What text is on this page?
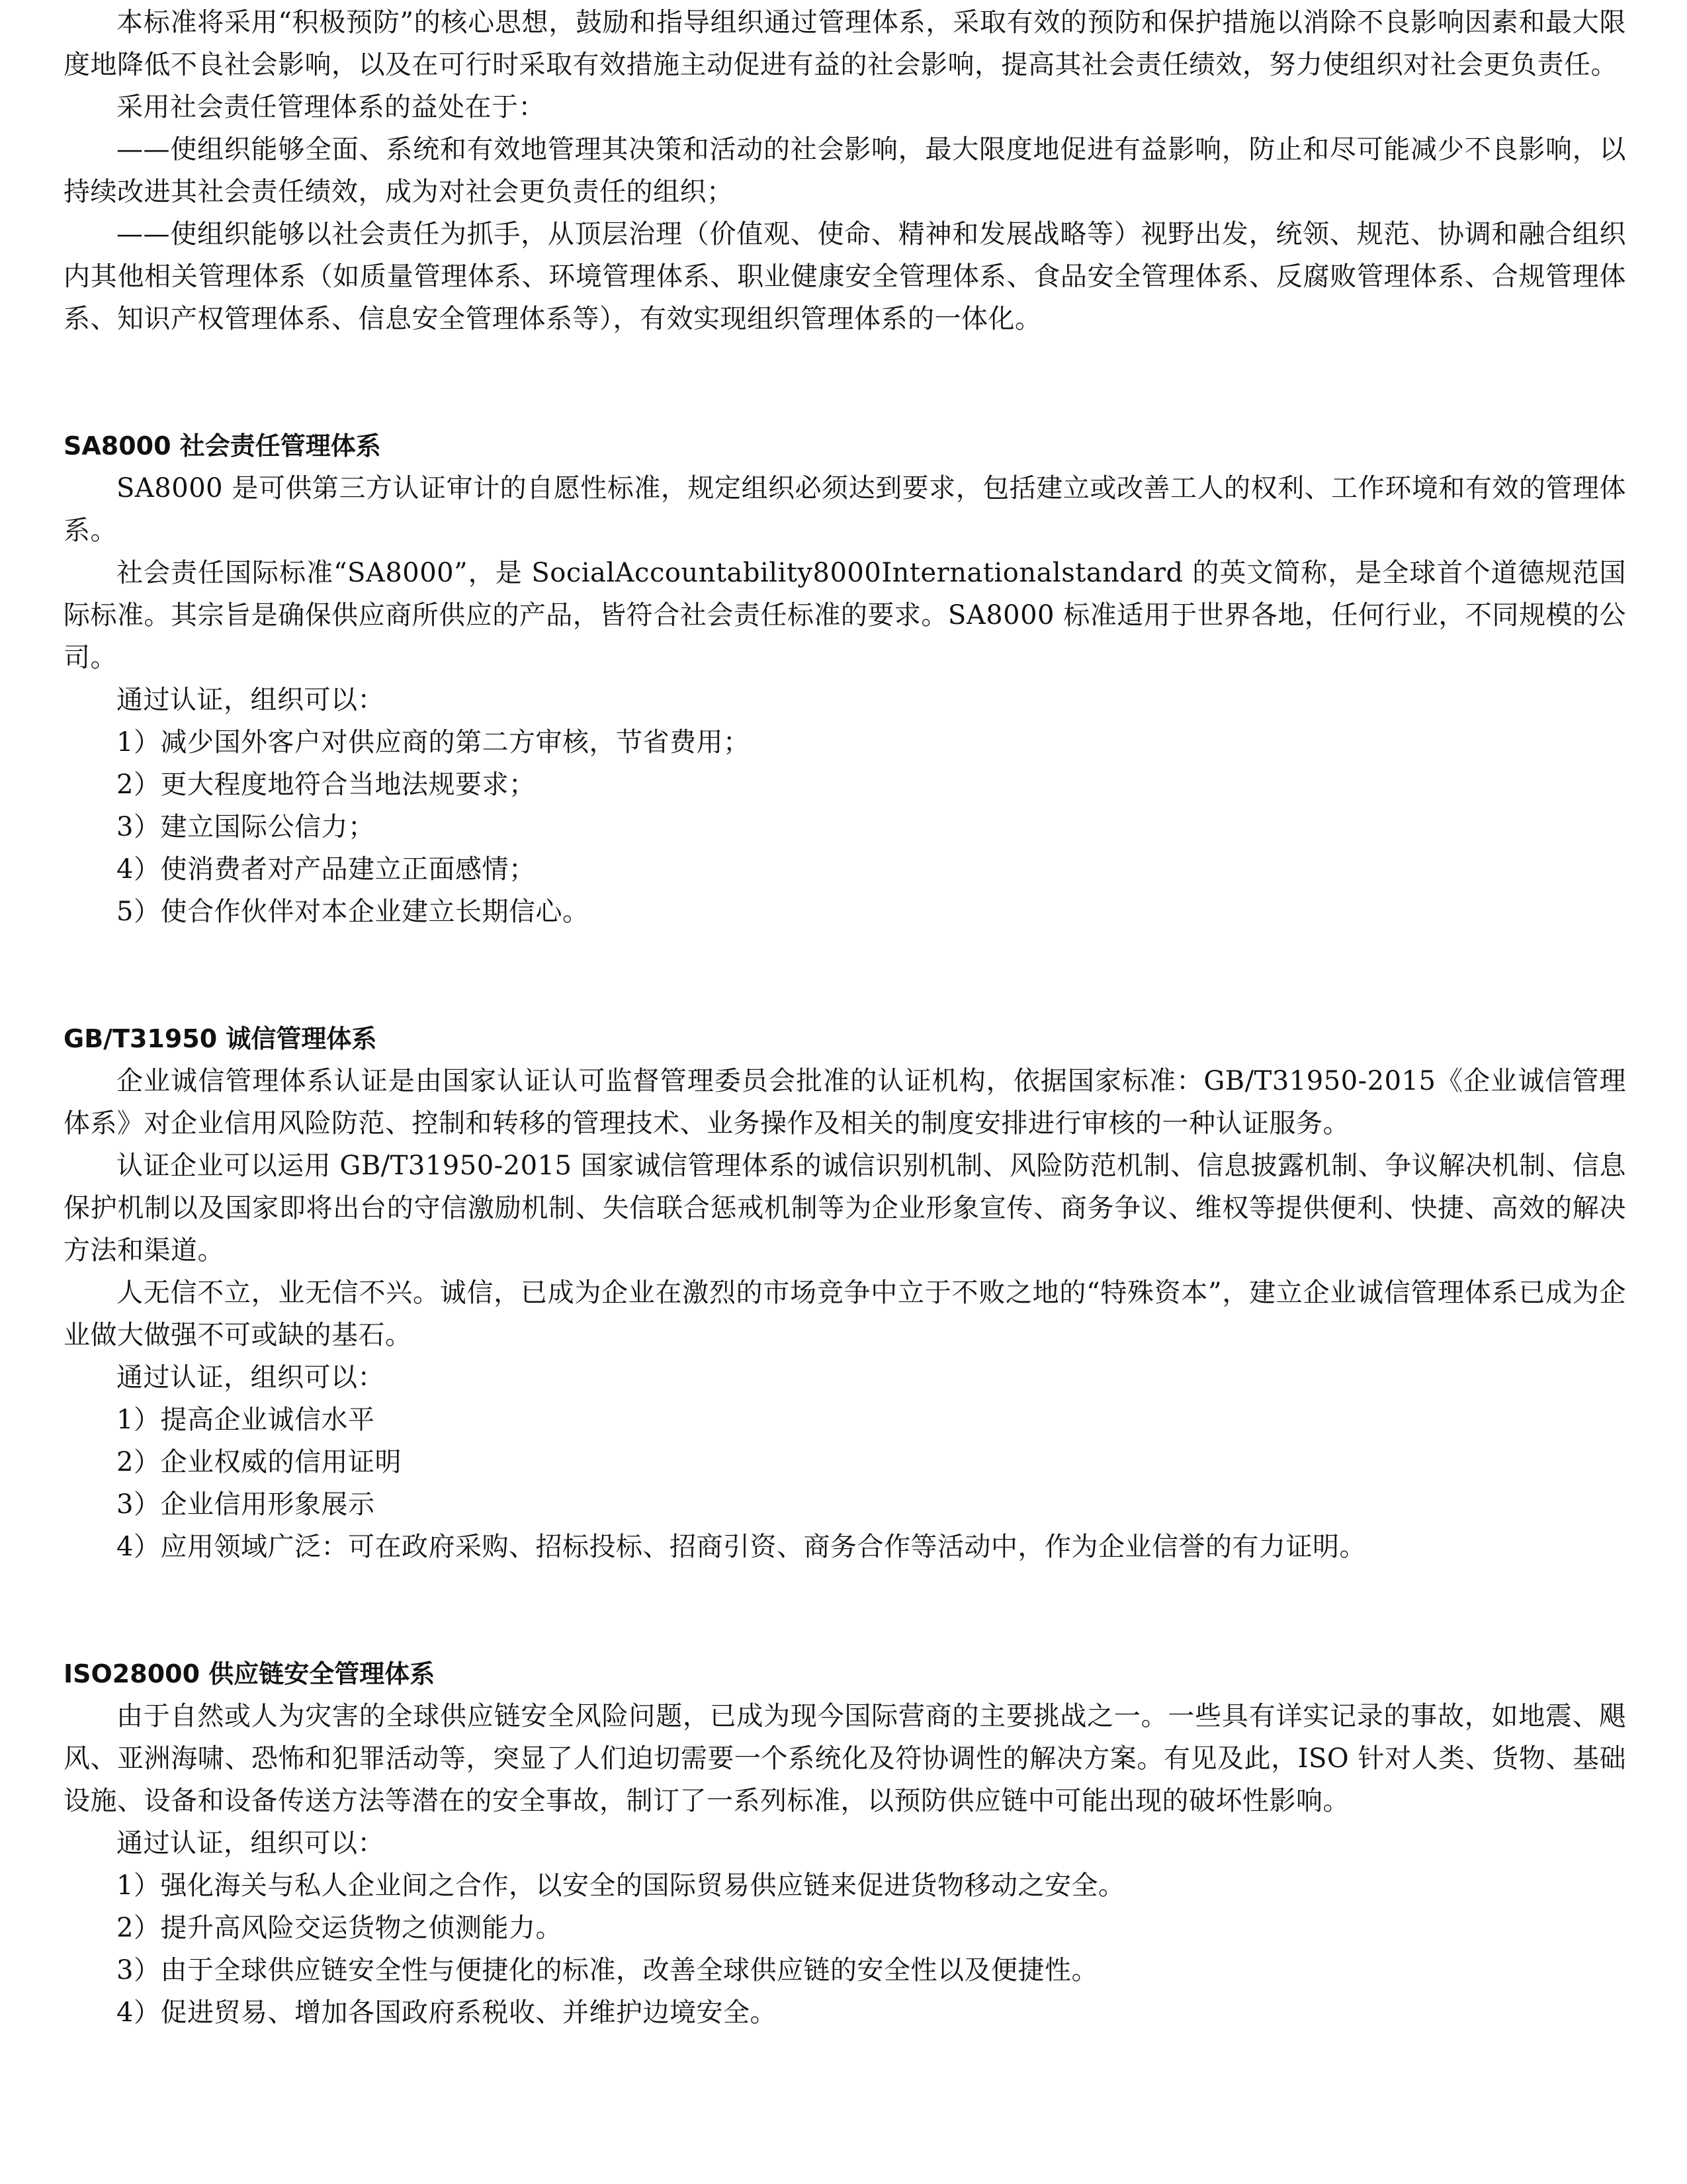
本标准将采用“积极预防”的核心思想，鼓励和指导组织通过管理体系，采取有效的预防和保护措施以消除不良影响因素和最大限度地降低不良社会影响，以及在可行时采取有效措施主动促进有益的社会影响，提高其社会责任绩效，努力使组织对社会更负责任。

采用社会责任管理体系的益处在于：

——使组织能够全面、系统和有效地管理其决策和活动的社会影响，最大限度地促进有益影响，防止和尽可能减少不良影响，以持续改进其社会责任绩效，成为对社会更负责任的组织；

——使组织能够以社会责任为抓手，从顶层治理（价值观、使命、精神和发展战略等）视野出发，统领、规范、协调和融合组织内其他相关管理体系（如质量管理体系、环境管理体系、职业健康安全管理体系、食品安全管理体系、反腐败管理体系、合规管理体系、知识产权管理体系、信息安全管理体系等），有效实现组织管理体系的一体化。

SA8000 社会责任管理体系

SA8000 是可供第三方认证审计的自愿性标准，规定组织必须达到要求，包括建立或改善工人的权利、工作环境和有效的管理体系。

社会责任国际标准“SA8000”，是 SocialAccountability8000Internationalstandard 的英文简称，是全球首个道德规范国际标准。其宗旨是确保供应商所供应的产品，皆符合社会责任标准的要求。SA8000 标准适用于世界各地，任何行业，不同规模的公司。

通过认证，组织可以：

1）减少国外客户对供应商的第二方审核，节省费用；

2）更大程度地符合当地法规要求；

3）建立国际公信力；

4）使消费者对产品建立正面感情；

5）使合作伙伴对本企业建立长期信心。

GB/T31950 诚信管理体系

企业诚信管理体系认证是由国家认证认可监督管理委员会批准的认证机构，依据国家标准：GB/T31950-2015《企业诚信管理体系》对企业信用风险防范、控制和转移的管理技术、业务操作及相关的制度安排进行审核的一种认证服务。

认证企业可以运用 GB/T31950-2015 国家诚信管理体系的诚信识别机制、风险防范机制、信息披露机制、争议解决机制、信息保护机制以及国家即将出台的守信激励机制、失信联合惩戒机制等为企业形象宣传、商务争议、维权等提供便利、快捷、高效的解决方法和渠道。

人无信不立，业无信不兴。诚信，已成为企业在激烈的市场竞争中立于不败之地的“特殊资本”，建立企业诚信管理体系已成为企业做大做强不可或缺的基石。

通过认证，组织可以：

1）提高企业诚信水平

2）企业权威的信用证明

3）企业信用形象展示

4）应用领域广泛：可在政府采购、招标投标、招商引资、商务合作等活动中，作为企业信誉的有力证明。

ISO28000 供应链安全管理体系

由于自然或人为灾害的全球供应链安全风险问题，已成为现今国际营商的主要挑战之一。一些具有详实记录的事故，如地震、飓风、亚洲海啸、恐怖和犯罪活动等，突显了人们迫切需要一个系统化及符协调性的解决方案。有见及此，ISO 针对人类、货物、基础设施、设备和设备传送方法等潜在的安全事故，制订了一系列标准，以预防供应链中可能出现的破坏性影响。

通过认证，组织可以：

1）强化海关与私人企业间之合作，以安全的国际贸易供应链来促进货物移动之安全。

2）提升高风险交运货物之侦测能力。

3）由于全球供应链安全性与便捷化的标准，改善全球供应链的安全性以及便捷性。

4）促进贸易、增加各国政府系税收、并维护边境安全。
